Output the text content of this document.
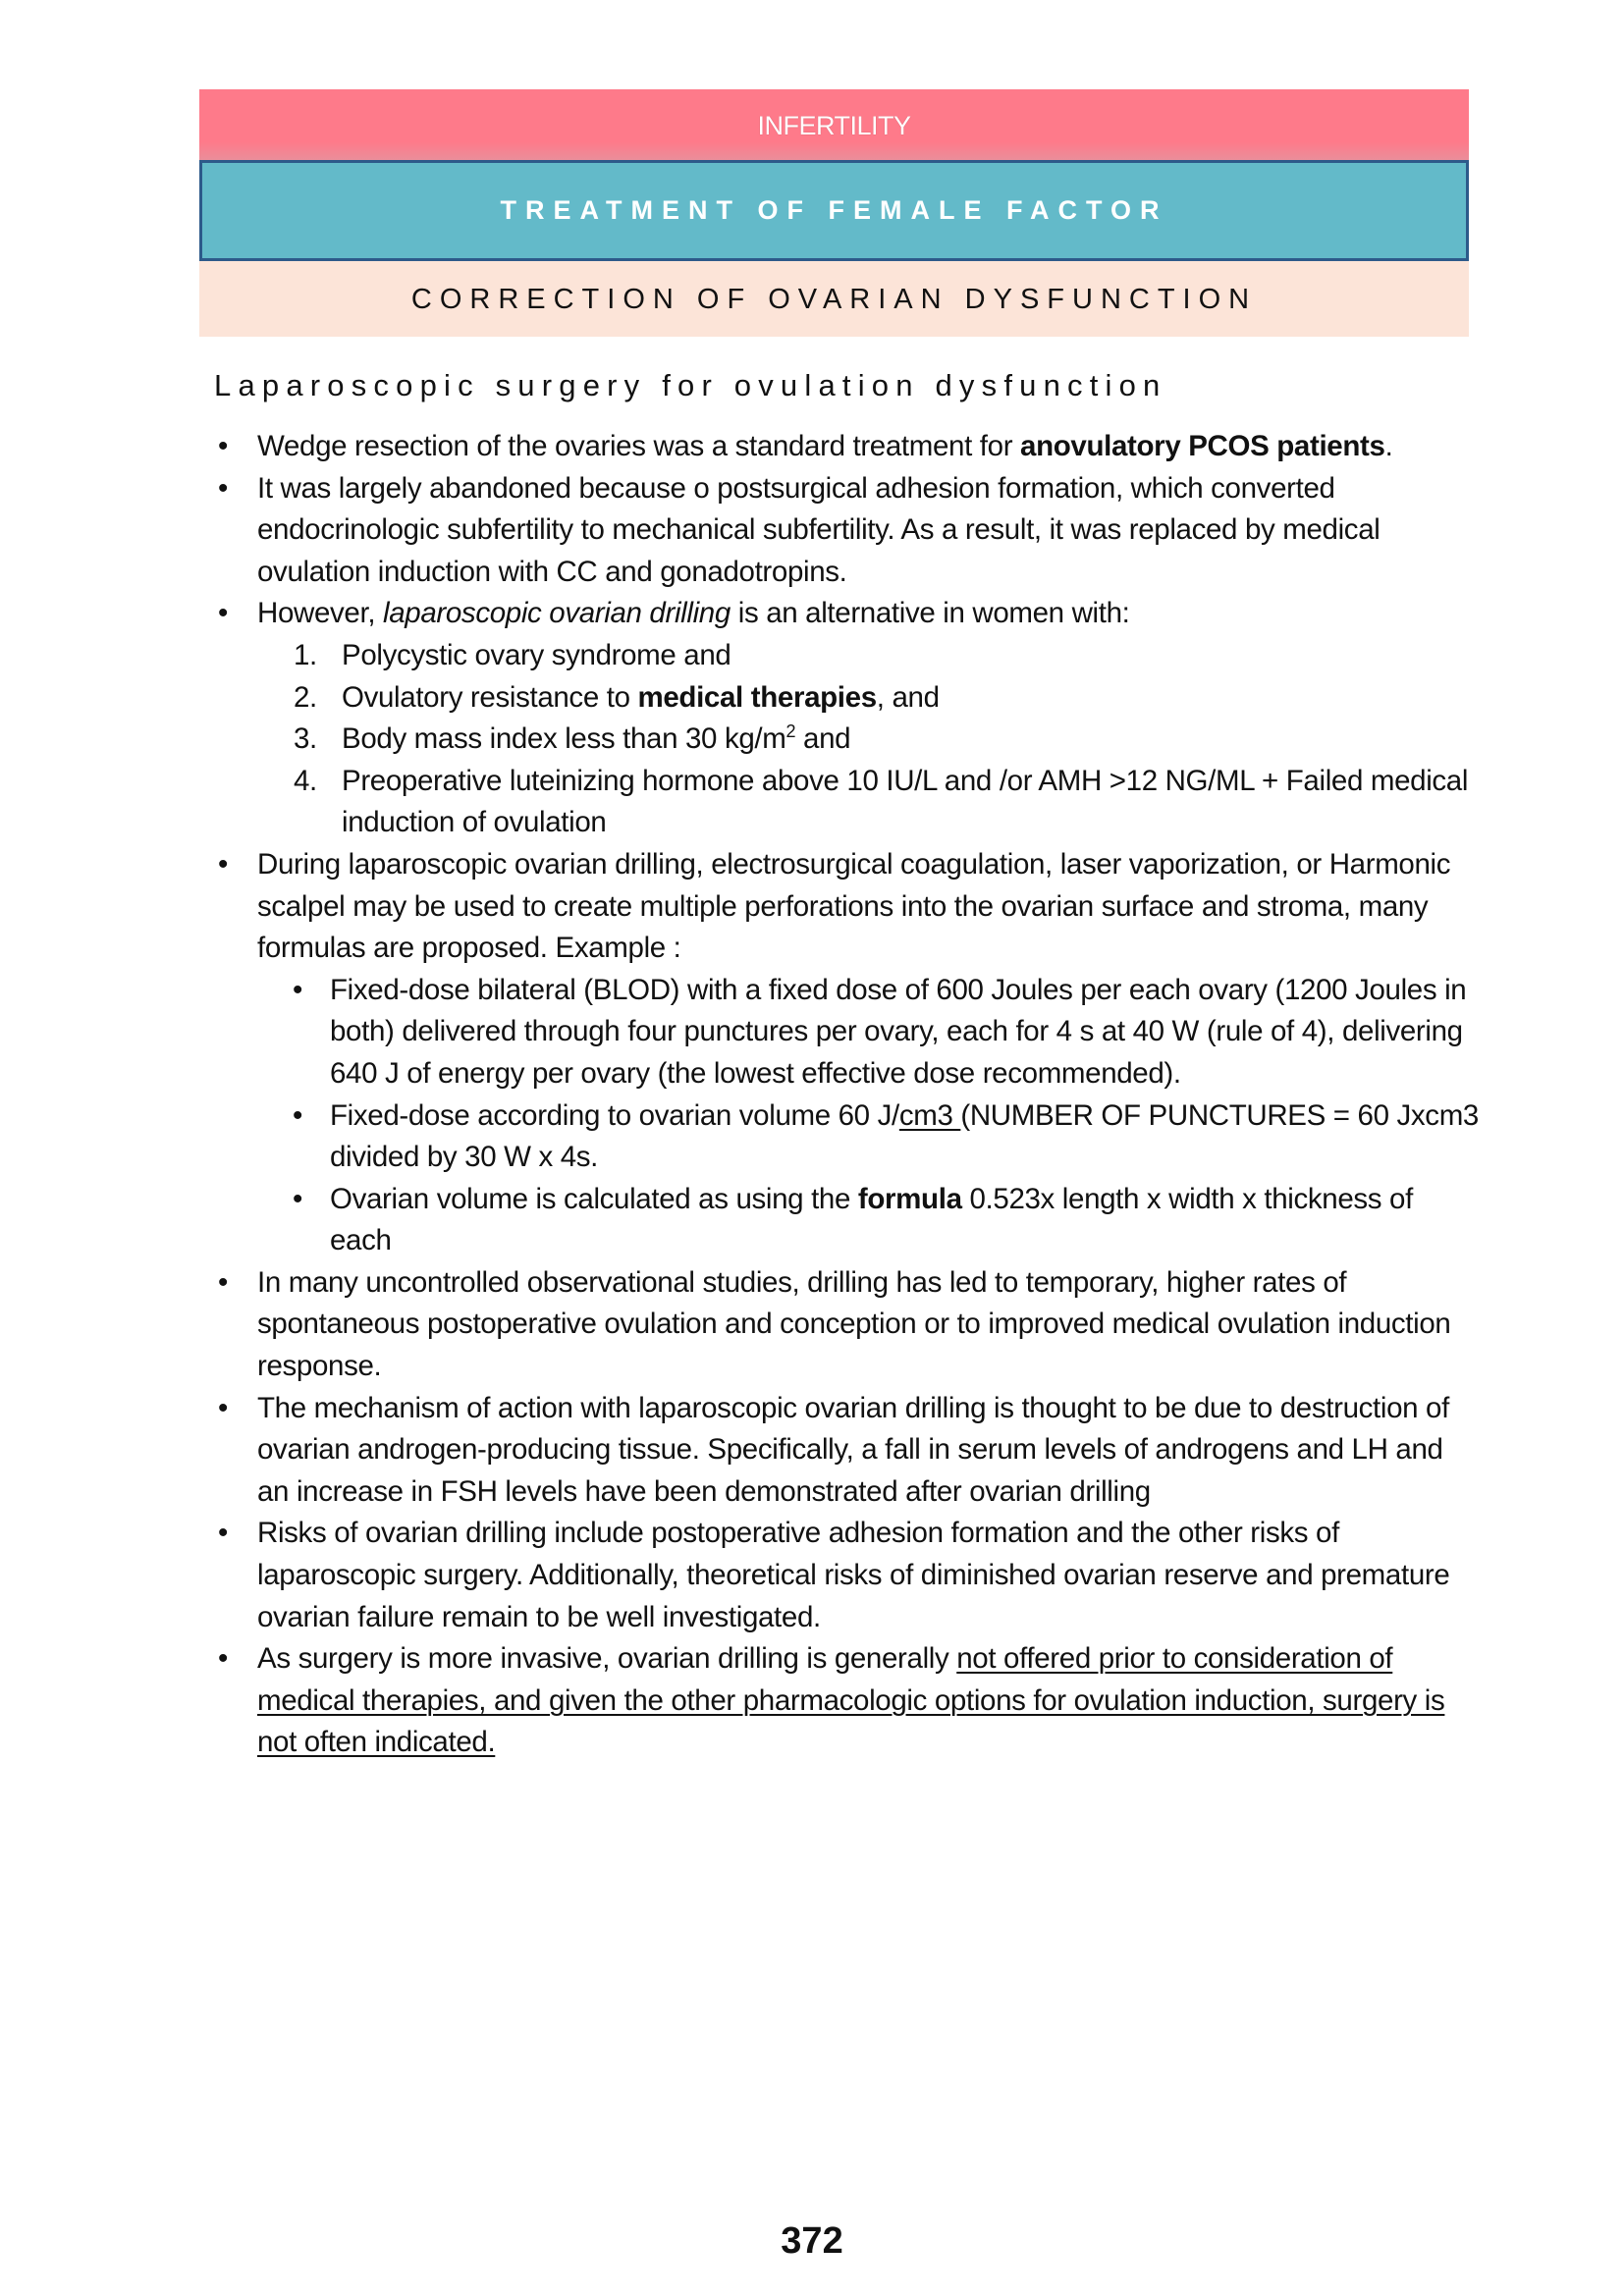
INFERTILITY
TREATMENT OF FEMALE FACTOR
CORRECTION OF OVARIAN DYSFUNCTION
Laparoscopic surgery for ovulation dysfunction
• Wedge resection of the ovaries was a standard treatment for anovulatory PCOS patients.
• It was largely abandoned because o postsurgical adhesion formation, which converted endocrinologic subfertility to mechanical subfertility. As a result, it was replaced by medical ovulation induction with CC and gonadotropins.
• However, laparoscopic ovarian drilling is an alternative in women with:
1. Polycystic ovary syndrome and
2. Ovulatory resistance to medical therapies, and
3. Body mass index less than 30 $kg/m^2$ and
4. Preoperative luteinizing hormone above 10 IU/L and /or AMH >12 NG/ML + Failed medical induction of ovulation
• During laparoscopic ovarian drilling, electrosurgical coagulation, laser vaporization, or Harmonic scalpel may be used to create multiple perforations into the ovarian surface and stroma, many formulas are proposed. Example :
• Fixed-dose bilateral (BLOD) with a fixed dose of 600 Joules per each ovary (1200 Joules in both) delivered through four punctures per ovary, each for 4 s at 40 W (rule of 4), delivering 640 J of energy per ovary (the lowest effective dose recommended).
• Fixed-dose according to ovarian volume 60 J/cm3 (NUMBER OF PUNCTURES = 60 Jxcm3 divided by 30 W x 4s.
• Ovarian volume is calculated as using the formula 0.523x length x width x thickness of each
• In many uncontrolled observational studies, drilling has led to temporary, higher rates of spontaneous postoperative ovulation and conception or to improved medical ovulation induction response.
• The mechanism of action with laparoscopic ovarian drilling is thought to be due to destruction of ovarian androgen-producing tissue. Specifically, a fall in serum levels of androgens and LH and an increase in FSH levels have been demonstrated after ovarian drilling
• Risks of ovarian drilling include postoperative adhesion formation and the other risks of laparoscopic surgery. Additionally, theoretical risks of diminished ovarian reserve and premature ovarian failure remain to be well investigated.
• As surgery is more invasive, ovarian drilling is generally not offered prior to consideration of medical therapies, and given the other pharmacologic options for ovulation induction, surgery is not often indicated.
372
